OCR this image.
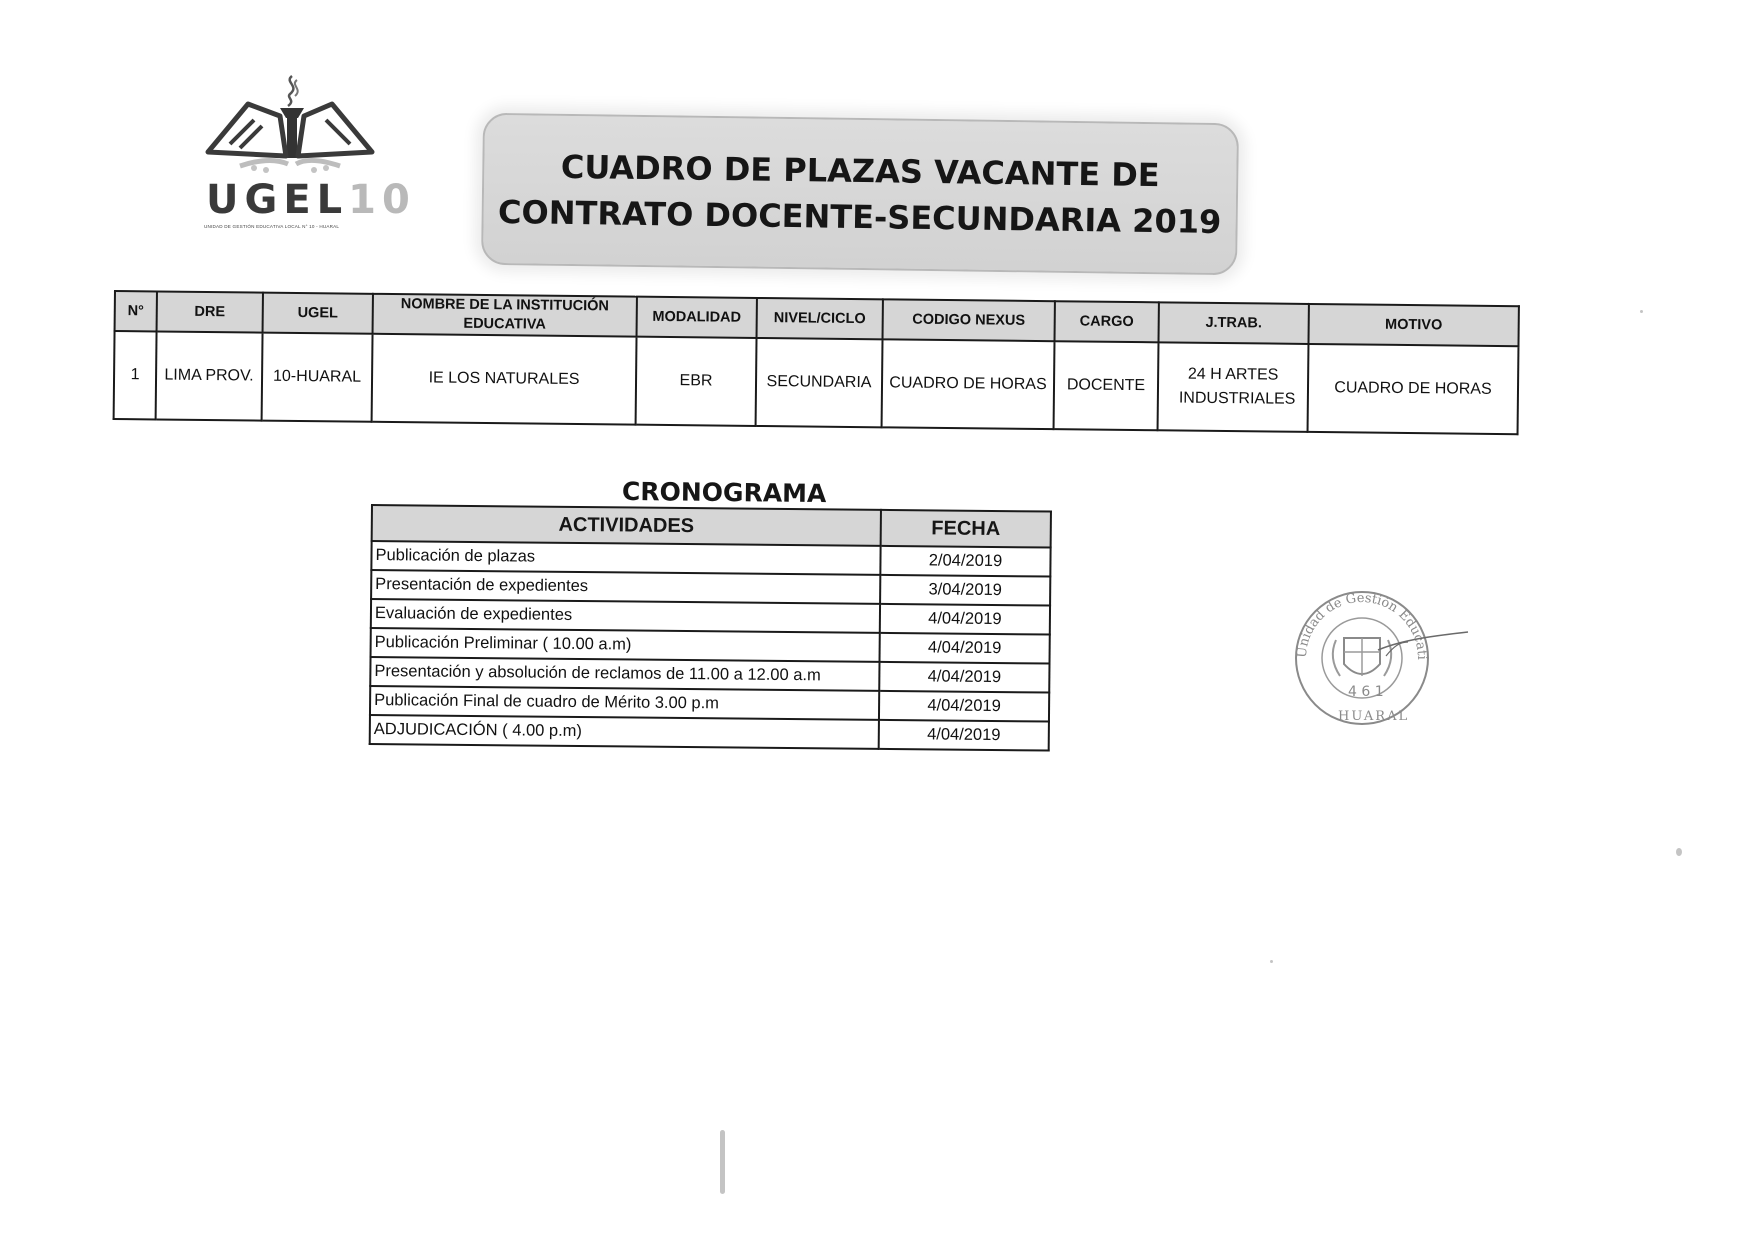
UGEL10
UNIDAD DE GESTIÓN EDUCATIVA LOCAL N° 10 - HUARAL
CUADRO DE PLAZAS VACANTE DE
CONTRATO DOCENTE-SECUNDARIA 2019
N°	DRE	UGEL	NOMBRE DE LA INSTITUCIÓN EDUCATIVA	MODALIDAD	NIVEL/CICLO	CODIGO NEXUS	CARGO	J.TRAB.	MOTIVO
1	LIMA PROV.	10-HUARAL	IE LOS NATURALES	EBR	SECUNDARIA	CUADRO DE HORAS	DOCENTE	24 H ARTES INDUSTRIALES	CUADRO DE HORAS
CRONOGRAMA
ACTIVIDADES	FECHA
Publicación de plazas	2/04/2019
Presentación de expedientes	3/04/2019
Evaluación de expedientes	4/04/2019
Publicación Preliminar ( 10.00 a.m)	4/04/2019
Presentación y absolución de reclamos de 11.00 a 12.00 a.m	4/04/2019
Publicación Final de cuadro de Mérito 3.00 p.m	4/04/2019
ADJUDICACIÓN ( 4.00 p.m)	4/04/2019
4 6 1
Unidad de Gestión Educati
HUARAL
